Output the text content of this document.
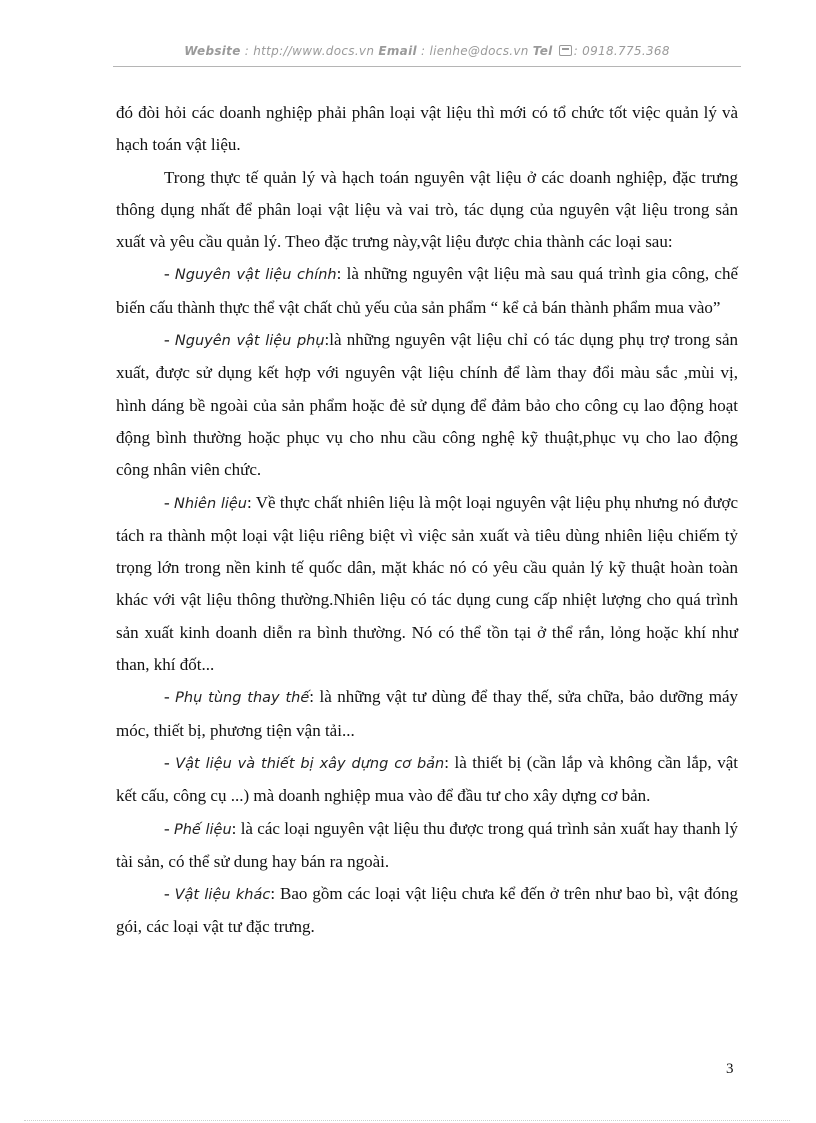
Website : http://www.docs.vn Email : lienhe@docs.vn Tel : 0918.775.368

đó đòi hỏi các doanh nghiệp phải phân loại vật liệu thì mới có tổ chức tốt việc quản lý và hạch toán vật liệu.

Trong thực tế quản lý và hạch toán nguyên vật liệu ở các doanh nghiệp, đặc trưng thông dụng nhất để phân loại vật liệu và vai trò, tác dụng của nguyên vật liệu trong sản xuất và yêu cầu quản lý. Theo đặc trưng này,vật liệu được chia thành các loại sau:

- Nguyên vật liệu chính: là những nguyên vật liệu mà sau quá trình gia công, chế biến cấu thành thực thể vật chất chủ yếu của sản phẩm “ kể cả bán thành phẩm mua vào”

- Nguyên vật liệu phụ:là những nguyên vật liệu chỉ có tác dụng phụ trợ trong sản xuất, được sử dụng kết hợp với nguyên vật liệu chính để làm thay đổi màu sắc ,mùi vị, hình dáng bề ngoài của sản phẩm hoặc đẻ sử dụng để đảm bảo cho công cụ lao động hoạt động bình thường hoặc phục vụ cho nhu cầu công nghệ kỹ thuật,phục vụ cho lao động công nhân viên chức.

- Nhiên liệu: Về thực chất nhiên liệu là một loại nguyên vật liệu phụ nhưng nó được tách ra thành một loại vật liệu riêng biệt vì việc sản xuất và tiêu dùng nhiên liệu chiếm tỷ trọng lớn trong nền kinh tế quốc dân, mặt khác nó có yêu cầu quản lý kỹ thuật hoàn toàn khác với vật liệu thông thường.Nhiên liệu có tác dụng cung cấp nhiệt lượng cho quá trình sản xuất kinh doanh diễn ra bình thường. Nó có thể tồn tại ở thể rắn, lỏng hoặc khí như than, khí đốt...

- Phụ tùng thay thế: là những vật tư dùng để thay thế, sửa chữa, bảo dưỡng máy móc, thiết bị, phương tiện vận tải...

- Vật liệu và thiết bị xây dựng cơ bản: là thiết bị (cần lắp và không cần lắp, vật kết cấu, công cụ ...) mà doanh nghiệp mua vào để đầu tư cho xây dựng cơ bản.

- Phế liệu: là các loại nguyên vật liệu thu được trong quá trình sản xuất hay thanh lý tài sản, có thể sử dung hay bán ra ngoài.

- Vật liệu khác: Bao gồm các loại vật liệu chưa kể đến ở trên như bao bì, vật đóng gói, các loại vật tư đặc trưng.

3
